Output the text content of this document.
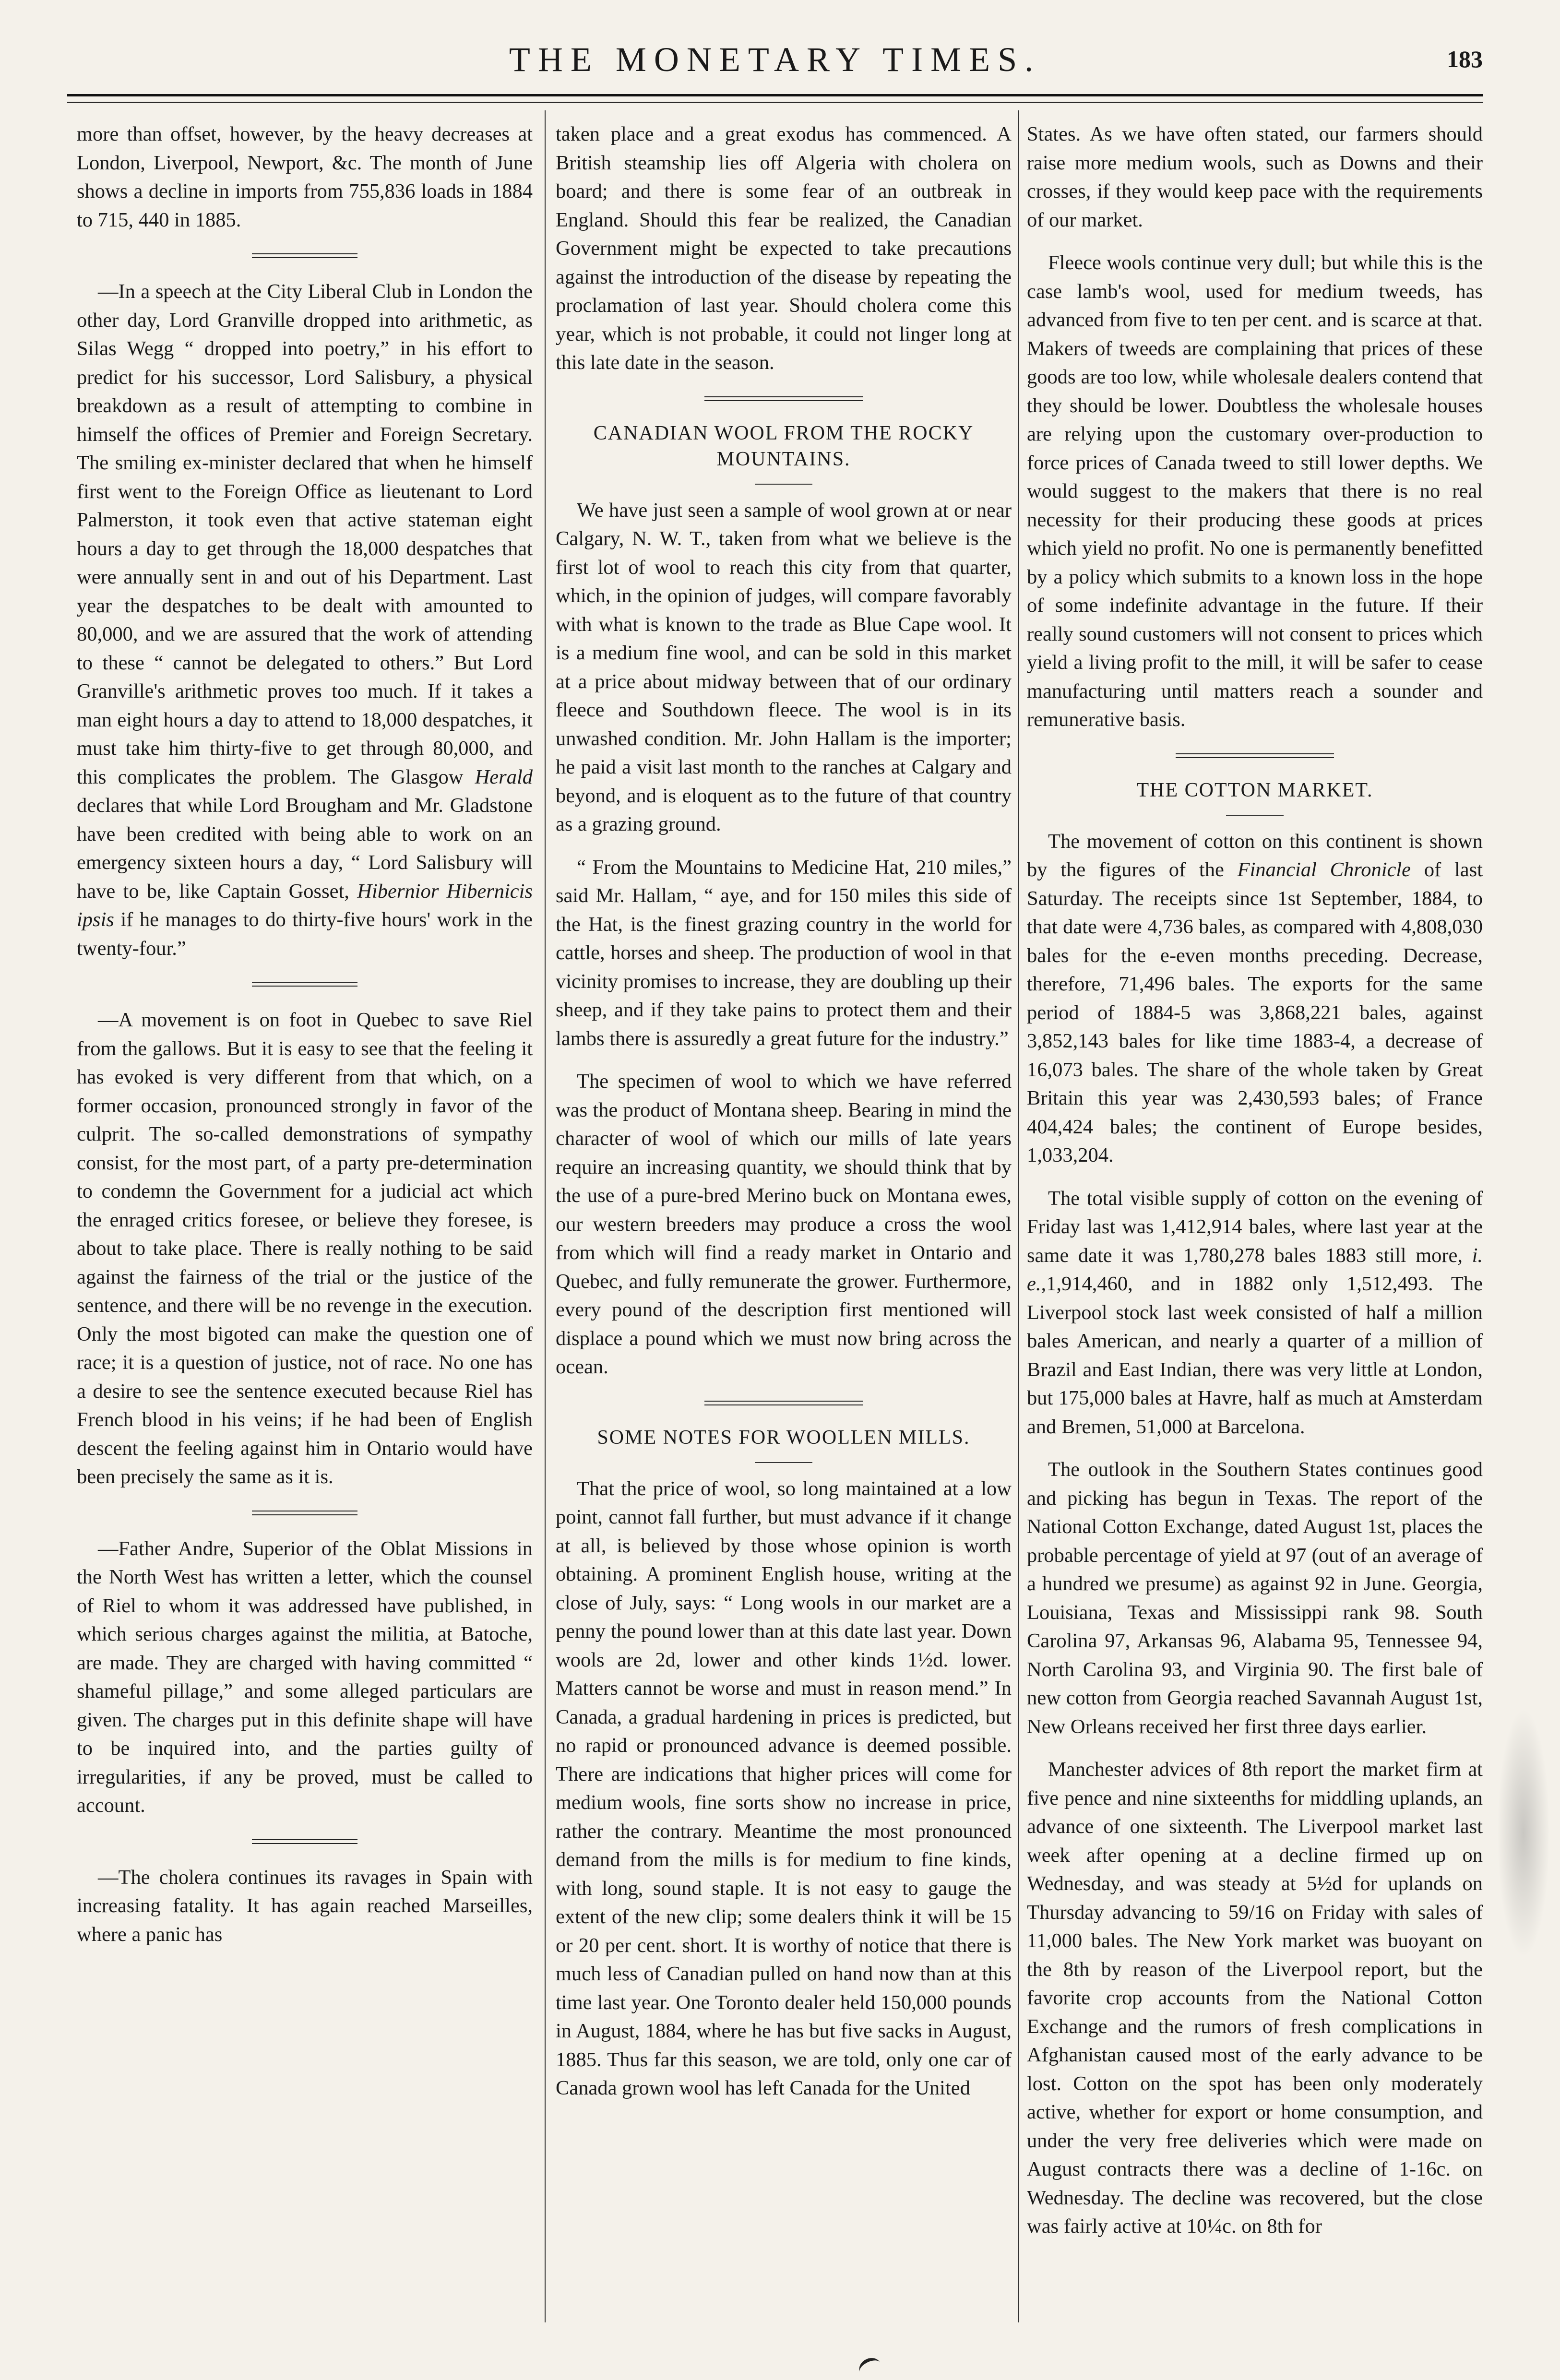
THE MONETARY TIMES.	183

more than offset, however, by the heavy decreases at London, Liverpool, Newport, &c. The month of June shows a decline in imports from 755,836 loads in 1884 to 715, 440 in 1885.

—In a speech at the City Liberal Club in London the other day, Lord Granville dropped into arithmetic, as Silas Wegg “ dropped into poetry,” in his effort to predict for his successor, Lord Salisbury, a physical breakdown as a result of attempting to combine in himself the offices of Premier and Foreign Secretary. The smiling ex-minister declared that when he himself first went to the Foreign Office as lieutenant to Lord Palmerston, it took even that active stateman eight hours a day to get through the 18,000 despatches that were annually sent in and out of his Department. Last year the despatches to be dealt with amounted to 80,000, and we are assured that the work of attending to these “ cannot be delegated to others.” But Lord Granville's arithmetic proves too much. If it takes a man eight hours a day to attend to 18,000 despatches, it must take him thirty-five to get through 80,000, and this complicates the problem. The Glasgow Herald declares that while Lord Brougham and Mr. Gladstone have been credited with being able to work on an emergency sixteen hours a day, “ Lord Salisbury will have to be, like Captain Gosset, Hibernior Hibernicis ipsis if he manages to do thirty-five hours' work in the twenty-four.”

—A movement is on foot in Quebec to save Riel from the gallows. But it is easy to see that the feeling it has evoked is very different from that which, on a former occasion, pronounced strongly in favor of the culprit. The so-called demonstrations of sympathy consist, for the most part, of a party pre-determination to condemn the Government for a judicial act which the enraged critics foresee, or believe they foresee, is about to take place. There is really nothing to be said against the fairness of the trial or the justice of the sentence, and there will be no revenge in the execution. Only the most bigoted can make the question one of race; it is a question of justice, not of race. No one has a desire to see the sentence executed because Riel has French blood in his veins; if he had been of English descent the feeling against him in Ontario would have been precisely the same as it is.

—Father Andre, Superior of the Oblat Missions in the North West has written a letter, which the counsel of Riel to whom it was addressed have published, in which serious charges against the militia, at Batoche, are made. They are charged with having committed “ shameful pillage,” and some alleged particulars are given. The charges put in this definite shape will have to be inquired into, and the parties guilty of irregularities, if any be proved, must be called to account.

—The cholera continues its ravages in Spain with increasing fatality. It has again reached Marseilles, where a panic has

taken place and a great exodus has commenced. A British steamship lies off Algeria with cholera on board; and there is some fear of an outbreak in England. Should this fear be realized, the Canadian Government might be expected to take precautions against the introduction of the disease by repeating the proclamation of last year. Should cholera come this year, which is not probable, it could not linger long at this late date in the season.

CANADIAN WOOL FROM THE ROCKY MOUNTAINS.

We have just seen a sample of wool grown at or near Calgary, N. W. T., taken from what we believe is the first lot of wool to reach this city from that quarter, which, in the opinion of judges, will compare favorably with what is known to the trade as Blue Cape wool. It is a medium fine wool, and can be sold in this market at a price about midway between that of our ordinary fleece and Southdown fleece. The wool is in its unwashed condition. Mr. John Hallam is the importer; he paid a visit last month to the ranches at Calgary and beyond, and is eloquent as to the future of that country as a grazing ground.

“ From the Mountains to Medicine Hat, 210 miles,” said Mr. Hallam, “ aye, and for 150 miles this side of the Hat, is the finest grazing country in the world for cattle, horses and sheep. The production of wool in that vicinity promises to increase, they are doubling up their sheep, and if they take pains to protect them and their lambs there is assuredly a great future for the industry.”

The specimen of wool to which we have referred was the product of Montana sheep. Bearing in mind the character of wool of which our mills of late years require an increasing quantity, we should think that by the use of a pure-bred Merino buck on Montana ewes, our western breeders may produce a cross the wool from which will find a ready market in Ontario and Quebec, and fully remunerate the grower. Furthermore, every pound of the description first mentioned will displace a pound which we must now bring across the ocean.

SOME NOTES FOR WOOLLEN MILLS.

That the price of wool, so long maintained at a low point, cannot fall further, but must advance if it change at all, is believed by those whose opinion is worth obtaining. A prominent English house, writing at the close of July, says: “ Long wools in our market are a penny the pound lower than at this date last year. Down wools are 2d, lower and other kinds 1½d. lower. Matters cannot be worse and must in reason mend.” In Canada, a gradual hardening in prices is predicted, but no rapid or pronounced advance is deemed possible. There are indications that higher prices will come for medium wools, fine sorts show no increase in price, rather the contrary. Meantime the most pronounced demand from the mills is for medium to fine kinds, with long, sound staple. It is not easy to gauge the extent of the new clip; some dealers think it will be 15 or 20 per cent. short. It is worthy of notice that there is much less of Canadian pulled on hand now than at this time last year. One Toronto dealer held 150,000 pounds in August, 1884, where he has but five sacks in August, 1885. Thus far this season, we are told, only one car of Canada grown wool has left Canada for the United

States. As we have often stated, our farmers should raise more medium wools, such as Downs and their crosses, if they would keep pace with the requirements of our market.

Fleece wools continue very dull; but while this is the case lamb's wool, used for medium tweeds, has advanced from five to ten per cent. and is scarce at that. Makers of tweeds are complaining that prices of these goods are too low, while wholesale dealers contend that they should be lower. Doubtless the wholesale houses are relying upon the customary over-production to force prices of Canada tweed to still lower depths. We would suggest to the makers that there is no real necessity for their producing these goods at prices which yield no profit. No one is permanently benefitted by a policy which submits to a known loss in the hope of some indefinite advantage in the future. If their really sound customers will not consent to prices which yield a living profit to the mill, it will be safer to cease manufacturing until matters reach a sounder and remunerative basis.

THE COTTON MARKET.

The movement of cotton on this continent is shown by the figures of the Financial Chronicle of last Saturday. The receipts since 1st September, 1884, to that date were 4,736 bales, as compared with 4,808,030 bales for the e-even months preceding. Decrease, therefore, 71,496 bales. The exports for the same period of 1884-5 was 3,868,221 bales, against 3,852,143 bales for like time 1883-4, a decrease of 16,073 bales. The share of the whole taken by Great Britain this year was 2,430,593 bales; of France 404,424 bales; the continent of Europe besides, 1,033,204.

The total visible supply of cotton on the evening of Friday last was 1,412,914 bales, where last year at the same date it was 1,780,278 bales 1883 still more, i. e.,1,914,460, and in 1882 only 1,512,493. The Liverpool stock last week consisted of half a million bales American, and nearly a quarter of a million of Brazil and East Indian, there was very little at London, but 175,000 bales at Havre, half as much at Amsterdam and Bremen, 51,000 at Barcelona.

The outlook in the Southern States continues good and picking has begun in Texas. The report of the National Cotton Exchange, dated August 1st, places the probable percentage of yield at 97 (out of an average of a hundred we presume) as against 92 in June. Georgia, Louisiana, Texas and Mississippi rank 98. South Carolina 97, Arkansas 96, Alabama 95, Tennessee 94, North Carolina 93, and Virginia 90. The first bale of new cotton from Georgia reached Savannah August 1st, New Orleans received her first three days earlier.

Manchester advices of 8th report the market firm at five pence and nine sixteenths for middling uplands, an advance of one sixteenth. The Liverpool market last week after opening at a decline firmed up on Wednesday, and was steady at 5½d for uplands on Thursday advancing to 59/16 on Friday with sales of 11,000 bales. The New York market was buoyant on the 8th by reason of the Liverpool report, but the favorite crop accounts from the National Cotton Exchange and the rumors of fresh complications in Afghanistan caused most of the early advance to be lost. Cotton on the spot has been only moderately active, whether for export or home consumption, and under the very free deliveries which were made on August contracts there was a decline of 1-16c. on Wednesday. The decline was recovered, but the close was fairly active at 10¼c. on 8th for
